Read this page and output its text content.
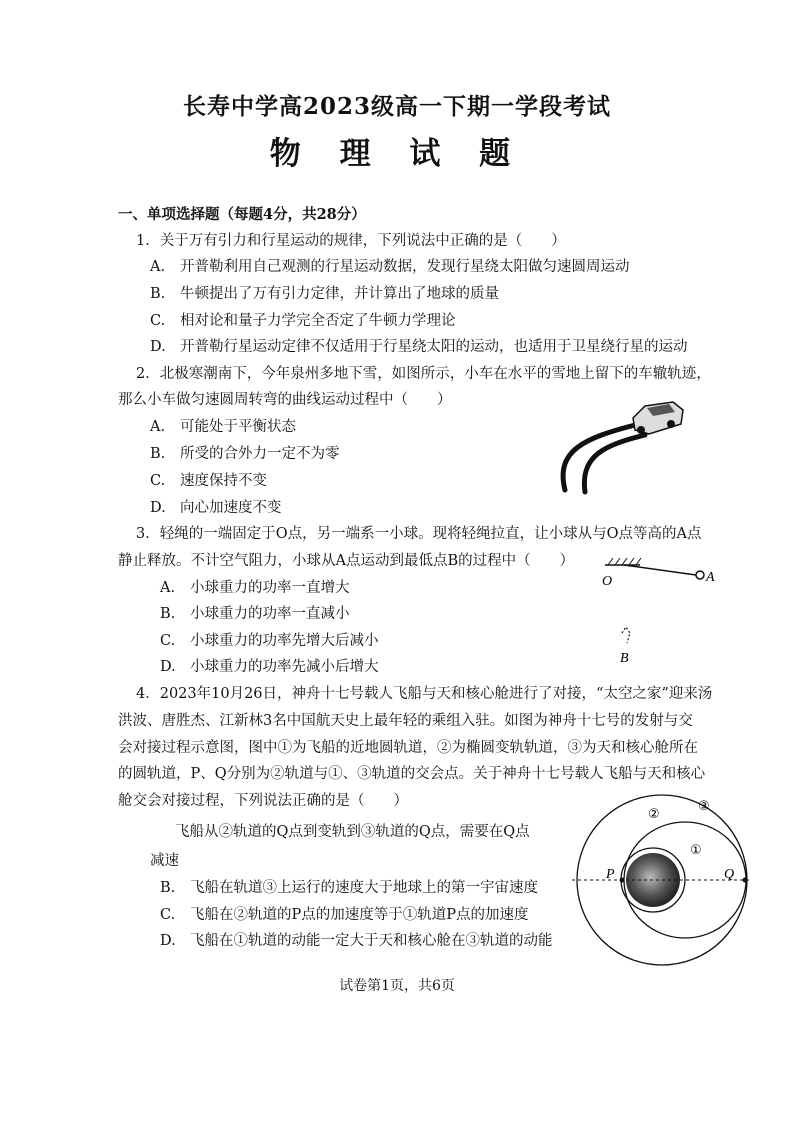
长寿中学高2023级高一下期一学段考试
物 理 试 题
一、单项选择题（每题4分，共28分）
1．关于万有引力和行星运动的规律，下列说法中正确的是（　　）
A. 开普勒利用自己观测的行星运动数据，发现行星绕太阳做匀速圆周运动
B. 牛顿提出了万有引力定律，并计算出了地球的质量
C. 相对论和量子力学完全否定了牛顿力学理论
D. 开普勒行星运动定律不仅适用于行星绕太阳的运动，也适用于卫星绕行星的运动
2．北极寒潮南下，今年泉州多地下雪，如图所示，小车在水平的雪地上留下的车辙轨迹，
那么小车做匀速圆周转弯的曲线运动过程中（　　）
A. 可能处于平衡状态
B. 所受的合外力一定不为零
C. 速度保持不变
D. 向心加速度不变
3．轻绳的一端固定于O点，另一端系一小球。现将轻绳拉直，让小球从与O点等高的A点
静止释放。不计空气阻力，小球从A点运动到最低点B的过程中（　　）
A. 小球重力的功率一直增大
B. 小球重力的功率一直减小
C. 小球重力的功率先增大后减小
D. 小球重力的功率先减小后增大
O	A
B
4．2023年10月26日，神舟十七号载人飞船与天和核心舱进行了对接，“太空之家”迎来汤
洪波、唐胜杰、江新林3名中国航天史上最年轻的乘组入驻。如图为神舟十七号的发射与交
会对接过程示意图，图中①为飞船的近地圆轨道，②为椭圆变轨轨道，③为天和核心舱所在
的圆轨道，P、Q分别为②轨道与①、③轨道的交会点。关于神舟十七号载人飞船与天和核心
舱交会对接过程，下列说法正确的是（　　）
飞船从②轨道的Q点到变轨到③轨道的Q点，需要在Q点
减速
B. 飞船在轨道③上运行的速度大于地球上的第一宇宙速度
C. 飞船在②轨道的P点的加速度等于①轨道P点的加速度
D. 飞船在①轨道的动能一定大于天和核心舱在③轨道的动能
P	Q
①
②
③
试卷第1页，共6页
